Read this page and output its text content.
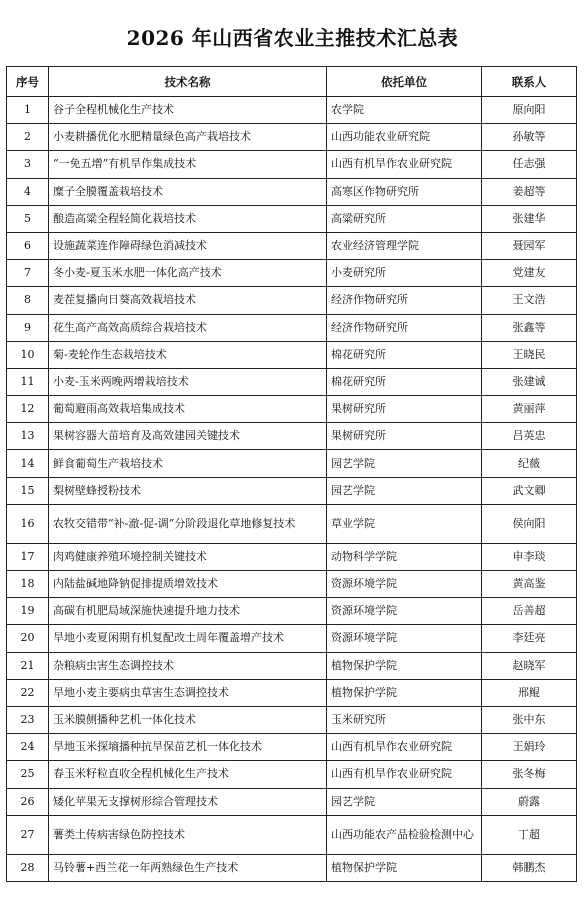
2026 年山西省农业主推技术汇总表
序号	技术名称	依托单位	联系人
1	谷子全程机械化生产技术	农学院	原向阳
2	小麦耕播优化水肥精量绿色高产栽培技术	山西功能农业研究院	孙敏等
3	“一免五增”有机旱作集成技术	山西有机旱作农业研究院	任志强
4	糜子全膜覆盖栽培技术	高寒区作物研究所	姜超等
5	酿造高粱全程轻简化栽培技术	高粱研究所	张建华
6	设施蔬菜连作障碍绿色消减技术	农业经济管理学院	聂园军
7	冬小麦-夏玉米水肥一体化高产技术	小麦研究所	党建友
8	麦茬复播向日葵高效栽培技术	经济作物研究所	王文浩
9	花生高产高效高质综合栽培技术	经济作物研究所	张鑫等
10	菊-麦轮作生态栽培技术	棉花研究所	王晓民
11	小麦-玉米两晚两增栽培技术	棉花研究所	张建诚
12	葡萄避雨高效栽培集成技术	果树研究所	黄丽萍
13	果树容器大苗培育及高效建园关键技术	果树研究所	吕英忠
14	鲜食葡萄生产栽培技术	园艺学院	纪薇
15	梨树壁蜂授粉技术	园艺学院	武文卿
16	农牧交错带“补-澈-促-调”分阶段退化草地修复技术	草业学院	侯向阳
17	肉鸡健康养殖环境控制关键技术	动物科学学院	申李琰
18	内陆盐碱地降钠促排提质增效技术	资源环境学院	黄高鉴
19	高碳有机肥局域深施快速提升地力技术	资源环境学院	岳善超
20	旱地小麦夏闲期有机复配改土周年覆盖增产技术	资源环境学院	李廷亮
21	杂粮病虫害生态调控技术	植物保护学院	赵晓军
22	旱地小麦主要病虫草害生态调控技术	植物保护学院	邢鲲
23	玉米膜侧播种艺机一体化技术	玉米研究所	张中东
24	旱地玉米探墒播种抗旱保苗艺机一体化技术	山西有机旱作农业研究院	王娟玲
25	春玉米籽粒直收全程机械化生产技术	山西有机旱作农业研究院	张冬梅
26	矮化苹果无支撑树形综合管理技术	园艺学院	蔚露
27	薯类土传病害绿色防控技术	山西功能农产品检验检测中心	丁超
28	马铃薯+西兰花一年两熟绿色生产技术	植物保护学院	韩鹏杰
